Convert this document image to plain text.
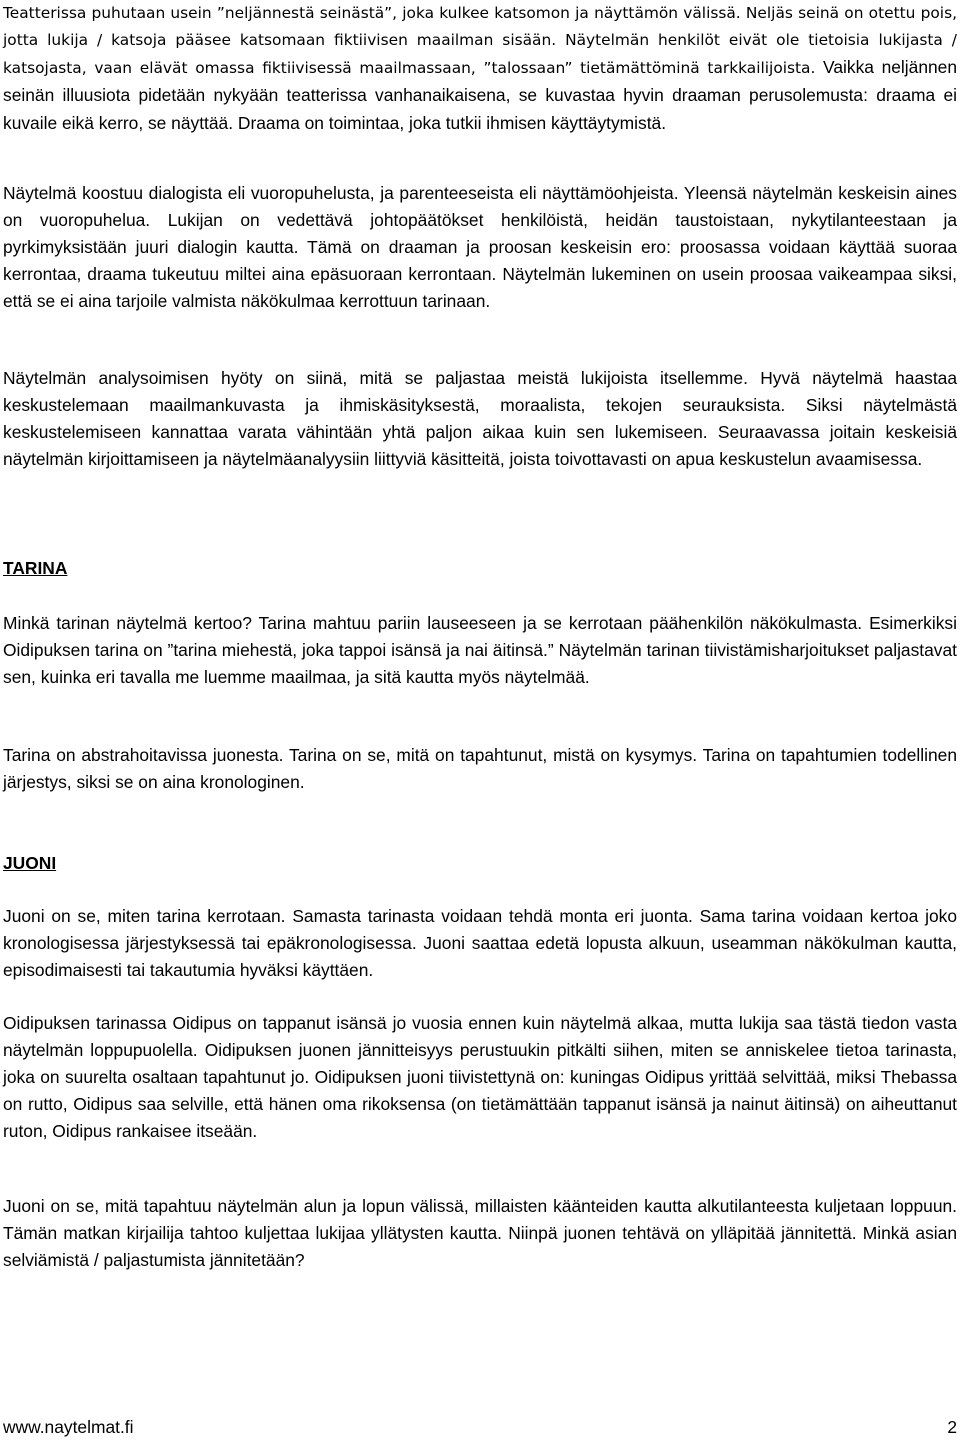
Teatterissa puhutaan usein ”neljännestä seinästä”, joka kulkee katsomon ja näyttämön välissä. Neljäs seinä on otettu pois, jotta lukija / katsoja pääsee katsomaan fiktiivisen maailman sisään. Näytelmän henkilöt eivät ole tietoisia lukijasta / katsojasta, vaan elävät omassa fiktiivisessä maailmassaan, ”talossaan” tietämättöminä tarkkailijoista. Vaikka neljännen seinän illuusiota pidetään nykyään teatterissa vanhanaikaisena, se kuvastaa hyvin draaman perusolemusta: draama ei kuvaile eikä kerro, se näyttää. Draama on toimintaa, joka tutkii ihmisen käyttäytymistä.

Näytelmä koostuu dialogista eli vuoropuhelusta, ja parenteeseista eli näyttämöohjeista. Yleensä näytelmän keskeisin aines on vuoropuhelua. Lukijan on vedettävä johtopäätökset henkilöistä, heidän taustoistaan, nykytilanteestaan ja pyrkimyksistään juuri dialogin kautta. Tämä on draaman ja proosan keskeisin ero: proosassa voidaan käyttää suoraa kerrontaa, draama tukeutuu miltei aina epäsuoraan kerrontaan. Näytelmän lukeminen on usein proosaa vaikeampaa siksi, että se ei aina tarjoile valmista näkökulmaa kerrottuun tarinaan.

Näytelmän analysoimisen hyöty on siinä, mitä se paljastaa meistä lukijoista itsellemme. Hyvä näytelmä haastaa keskustelemaan maailmankuvasta ja ihmiskäsityksestä, moraalista, tekojen seurauksista. Siksi näytelmästä keskustelemiseen kannattaa varata vähintään yhtä paljon aikaa kuin sen lukemiseen. Seuraavassa joitain keskeisiä näytelmän kirjoittamiseen ja näytelmäanalyysiin liittyviä käsitteitä, joista toivottavasti on apua keskustelun avaamisessa.

TARINA

Minkä tarinan näytelmä kertoo? Tarina mahtuu pariin lauseeseen ja se kerrotaan päähenkilön näkökulmasta. Esimerkiksi Oidipuksen tarina on ”tarina miehestä, joka tappoi isänsä ja nai äitinsä.” Näytelmän tarinan tiivistämisharjoitukset paljastavat sen, kuinka eri tavalla me luemme maailmaa, ja sitä kautta myös näytelmää.

Tarina on abstrahoitavissa juonesta. Tarina on se, mitä on tapahtunut, mistä on kysymys. Tarina on tapahtumien todellinen järjestys, siksi se on aina kronologinen.

JUONI

Juoni on se, miten tarina kerrotaan. Samasta tarinasta voidaan tehdä monta eri juonta. Sama tarina voidaan kertoa joko kronologisessa järjestyksessä tai epäkronologisessa. Juoni saattaa edetä lopusta alkuun, useamman näkökulman kautta, episodimaisesti tai takautumia hyväksi käyttäen.

Oidipuksen tarinassa Oidipus on tappanut isänsä jo vuosia ennen kuin näytelmä alkaa, mutta lukija saa tästä tiedon vasta näytelmän loppupuolella. Oidipuksen juonen jännitteisyys perustuukin pitkälti siihen, miten se anniskelee tietoa tarinasta, joka on suurelta osaltaan tapahtunut jo. Oidipuksen juoni tiivistettynä on: kuningas Oidipus yrittää selvittää, miksi Thebassa on rutto, Oidipus saa selville, että hänen oma rikoksensa (on tietämättään tappanut isänsä ja nainut äitinsä) on aiheuttanut ruton, Oidipus rankaisee itseään.

Juoni on se, mitä tapahtuu näytelmän alun ja lopun välissä, millaisten käänteiden kautta alkutilanteesta kuljetaan loppuun. Tämän matkan kirjailija tahtoo kuljettaa lukijaa yllätysten kautta. Niinpä juonen tehtävä on ylläpitää jännitettä. Minkä asian selviämistä / paljastumista jännitetään?

www.naytelmat.fi	2
